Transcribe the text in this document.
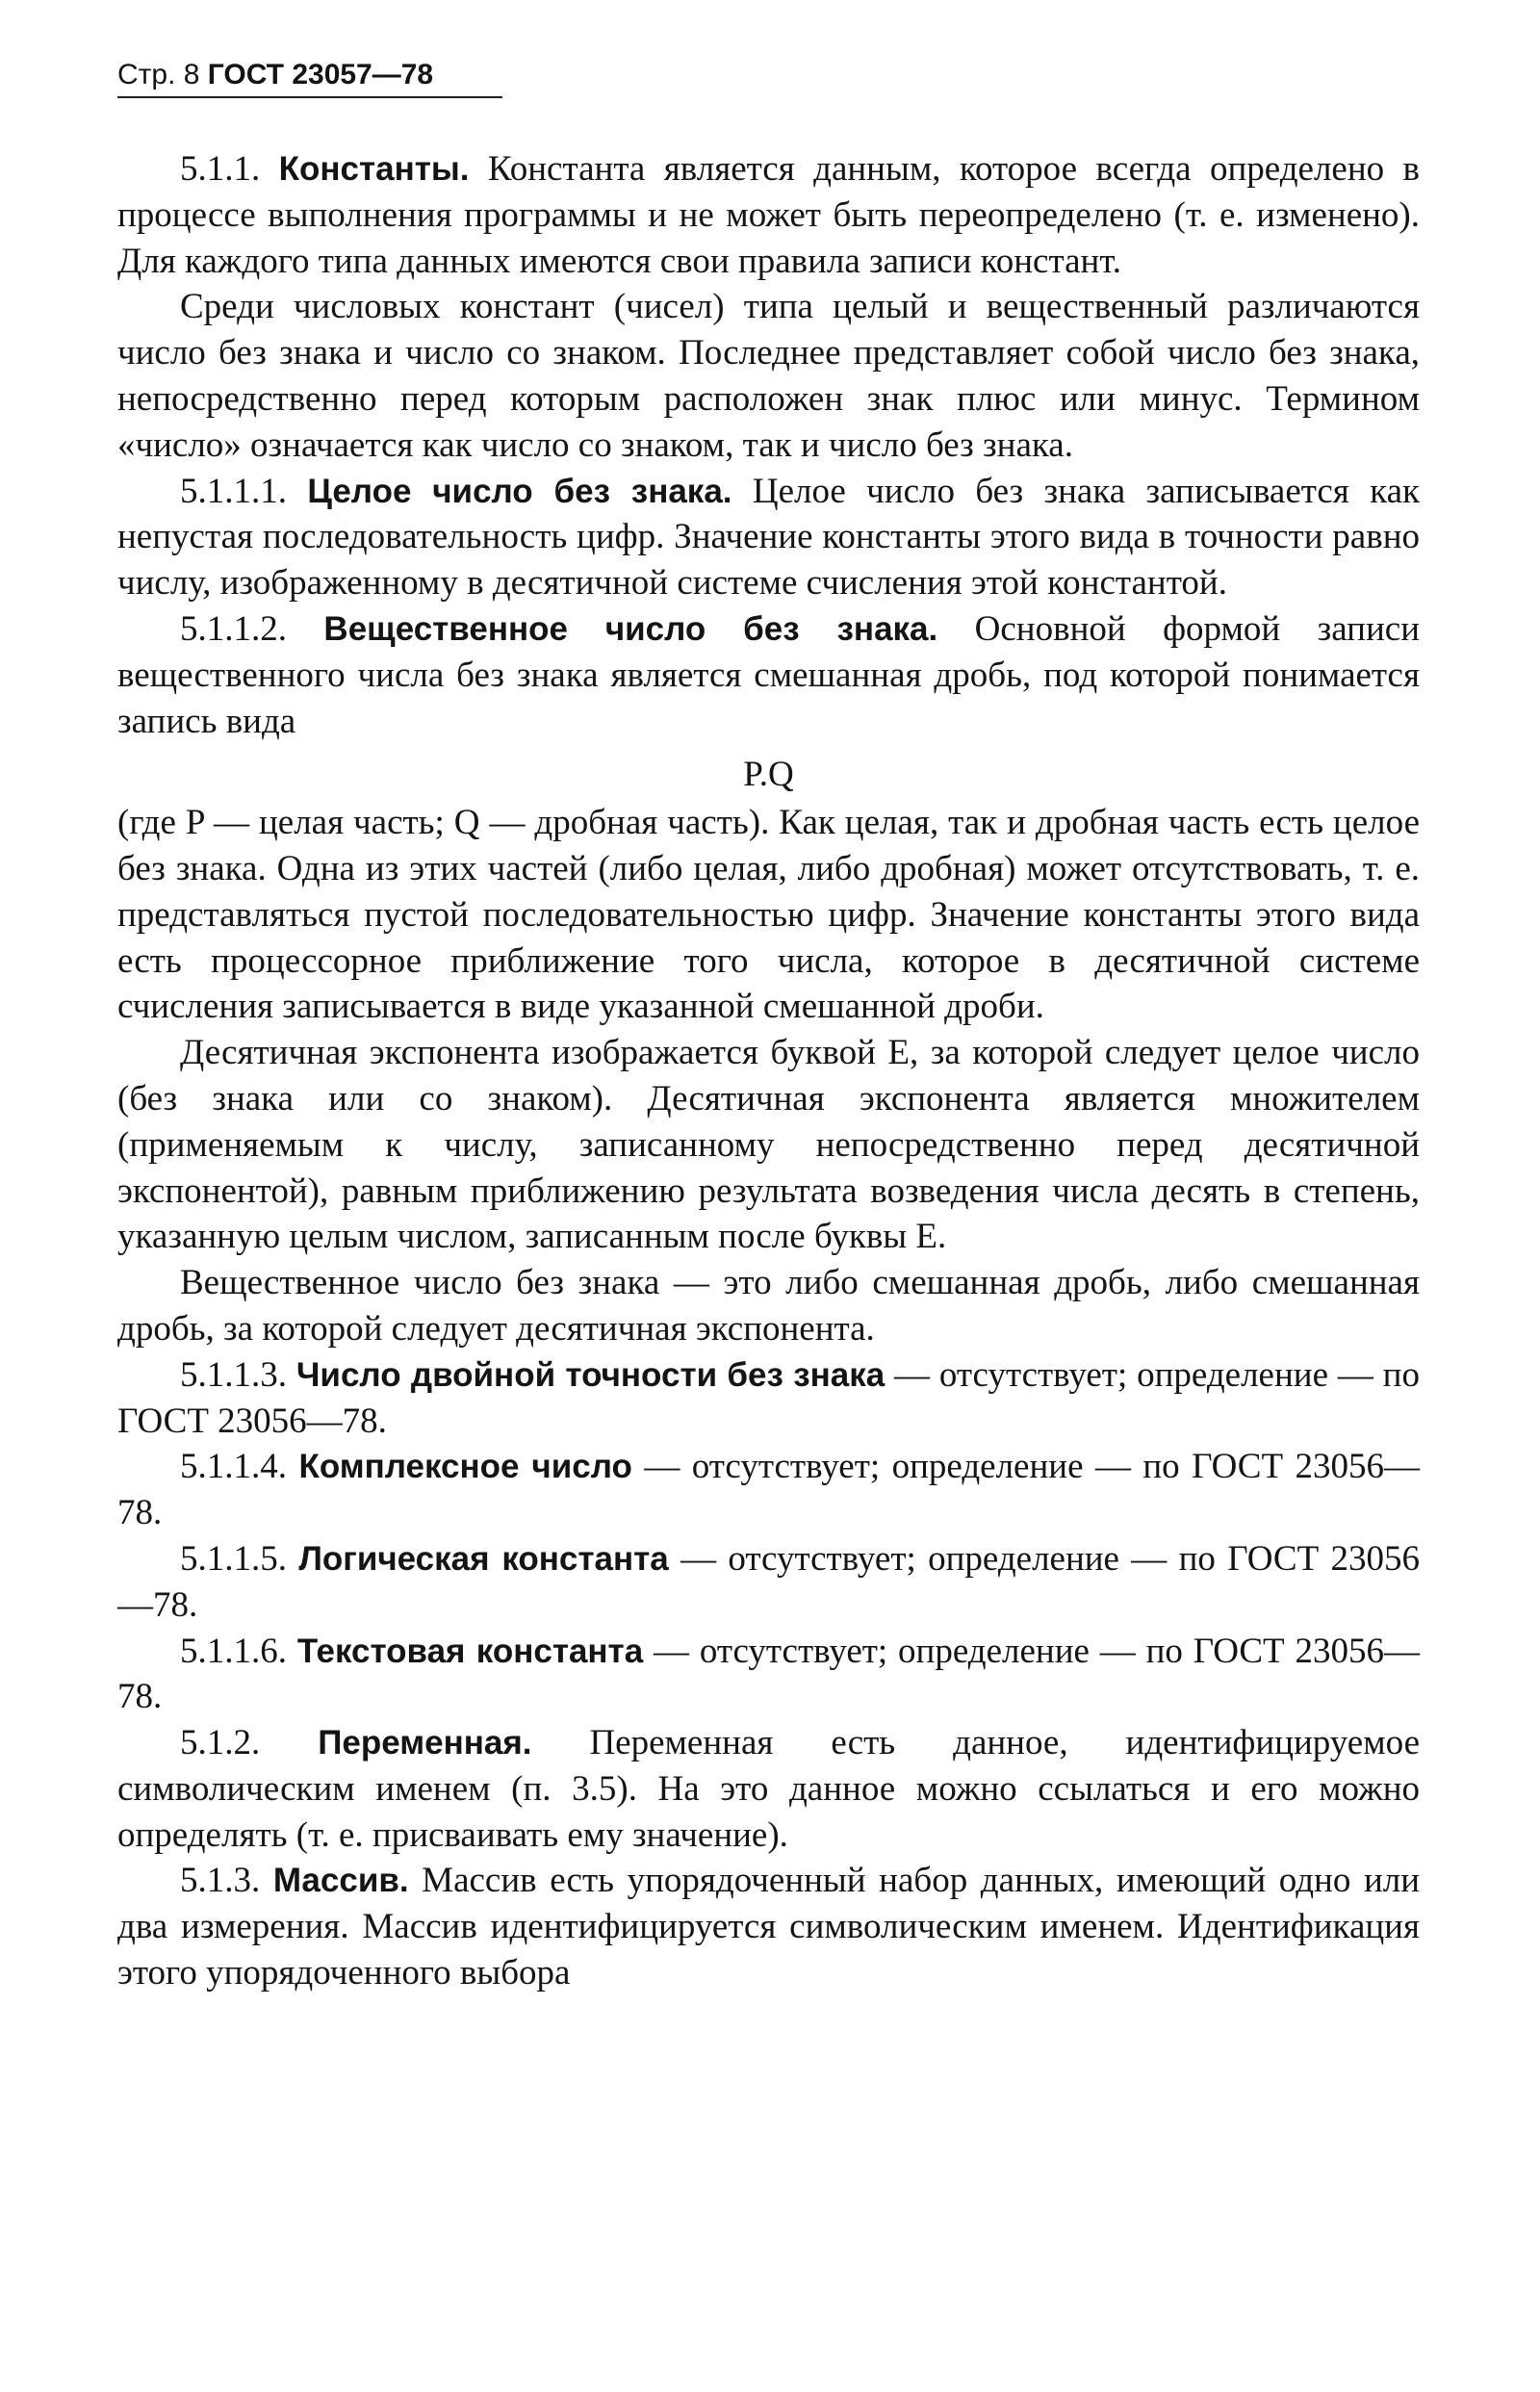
Стр. 8 ГОСТ 23057—78

5.1.1. Константы. Константа является данным, которое всегда определено в процессе выполнения программы и не может быть переопределено (т. е. изменено). Для каждого типа данных имеются свои правила записи констант.

Среди числовых констант (чисел) типа целый и вещественный различаются число без знака и число со знаком. Последнее представляет собой число без знака, непосредственно перед которым расположен знак плюс или минус. Термином «число» означается как число со знаком, так и число без знака.

5.1.1.1. Целое число без знака. Целое число без знака записывается как непустая последовательность цифр. Значение константы этого вида в точности равно числу, изображенному в десятичной системе счисления этой константой.

5.1.1.2. Вещественное число без знака. Основной формой записи вещественного числа без знака является смешанная дробь, под которой понимается запись вида

P.Q

(где P — целая часть; Q — дробная часть). Как целая, так и дробная часть есть целое без знака. Одна из этих частей (либо целая, либо дробная) может отсутствовать, т. е. представляться пустой последовательностью цифр. Значение константы этого вида есть процессорное приближение того числа, которое в десятичной системе счисления записывается в виде указанной смешанной дроби.

Десятичная экспонента изображается буквой E, за которой следует целое число (без знака или со знаком). Десятичная экспонента является множителем (применяемым к числу, записанному непосредственно перед десятичной экспонентой), равным приближению результата возведения числа десять в степень, указанную целым числом, записанным после буквы E.

Вещественное число без знака — это либо смешанная дробь, либо смешанная дробь, за которой следует десятичная экспонента.

5.1.1.3. Число двойной точности без знака — отсутствует; определение — по ГОСТ 23056—78.

5.1.1.4. Комплексное число — отсутствует; определение — по ГОСТ 23056—78.

5.1.1.5. Логическая константа — отсутствует; определение — по ГОСТ 23056—78.

5.1.1.6. Текстовая константа — отсутствует; определение — по ГОСТ 23056—78.

5.1.2. Переменная. Переменная есть данное, идентифицируемое символическим именем (п. 3.5). На это данное можно ссылаться и его можно определять (т. е. присваивать ему значение).

5.1.3. Массив. Массив есть упорядоченный набор данных, имеющий одно или два измерения. Массив идентифицируется символическим именем. Идентификация этого упорядоченного выбора
